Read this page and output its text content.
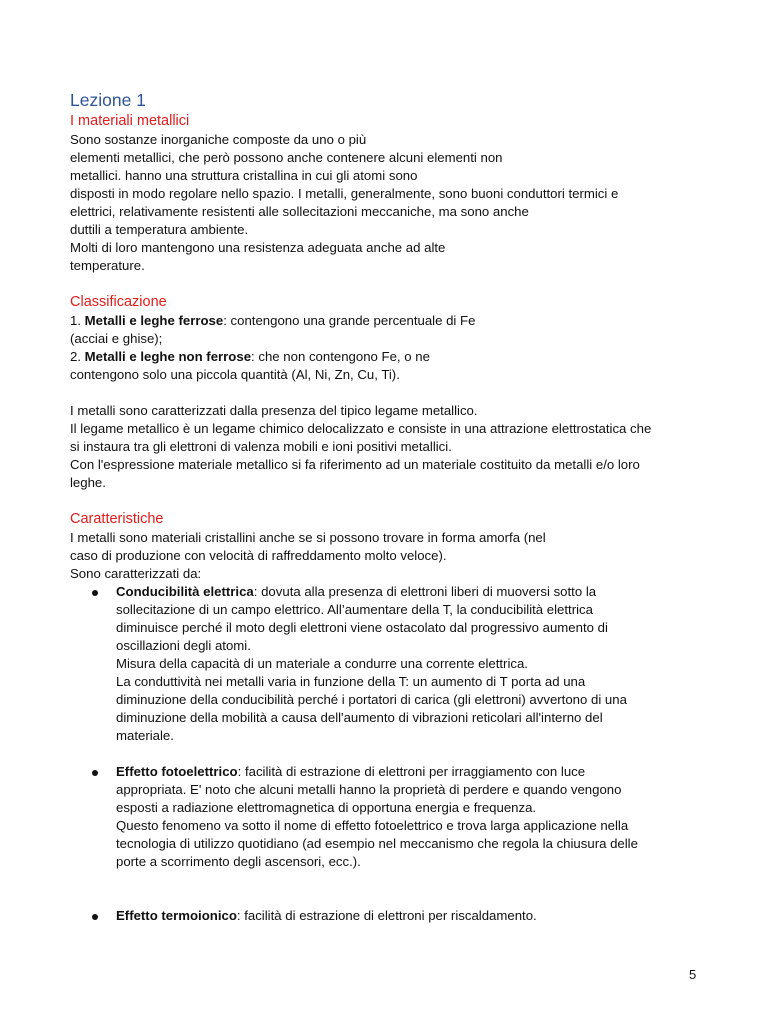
Lezione 1
I materiali metallici

Sono sostanze inorganiche composte da uno o più

elementi metallici, che però possono anche contenere alcuni elementi non

metallici. hanno una struttura cristallina in cui gli atomi sono

disposti in modo regolare nello spazio. I metalli, generalmente, sono buoni conduttori termici e

elettrici, relativamente resistenti alle sollecitazioni meccaniche, ma sono anche

duttili a temperatura ambiente.

Molti di loro mantengono una resistenza adeguata anche ad alte

temperature.

Classificazione

1. Metalli e leghe ferrose: contengono una grande percentuale di Fe

(acciai e ghise);

2. Metalli e leghe non ferrose: che non contengono Fe, o ne

contengono solo una piccola quantità (Al, Ni, Zn, Cu, Ti).

I metalli sono caratterizzati dalla presenza del tipico legame metallico.

Il legame metallico è un legame chimico delocalizzato e consiste in una attrazione elettrostatica che

si instaura tra gli elettroni di valenza mobili e ioni positivi metallici.

Con l'espressione materiale metallico si fa riferimento ad un materiale costituito da metalli e/o loro

leghe.

Caratteristiche

I metalli sono materiali cristallini anche se si possono trovare in forma amorfa (nel

caso di produzione con velocità di raffreddamento molto veloce).

Sono caratterizzati da:

Conducibilità elettrica: dovuta alla presenza di elettroni liberi di muoversi sotto la

sollecitazione di un campo elettrico. All’aumentare della T, la conducibilità elettrica

diminuisce perché il moto degli elettroni viene ostacolato dal progressivo aumento di

oscillazioni degli atomi.

Misura della capacità di un materiale a condurre una corrente elettrica.

La conduttività nei metalli varia in funzione della T: un aumento di T porta ad una

diminuzione della conducibilità perché i portatori di carica (gli elettroni) avvertono di una

diminuzione della mobilità a causa dell'aumento di vibrazioni reticolari all'interno del

materiale.

Effetto fotoelettrico: facilità di estrazione di elettroni per irraggiamento con luce

appropriata. E' noto che alcuni metalli hanno la proprietà di perdere e quando vengono

esposti a radiazione elettromagnetica di opportuna energia e frequenza.

Questo fenomeno va sotto il nome di effetto fotoelettrico e trova larga applicazione nella

tecnologia di utilizzo quotidiano (ad esempio nel meccanismo che regola la chiusura delle

porte a scorrimento degli ascensori, ecc.).

Effetto termoionico: facilità di estrazione di elettroni per riscaldamento.

5
